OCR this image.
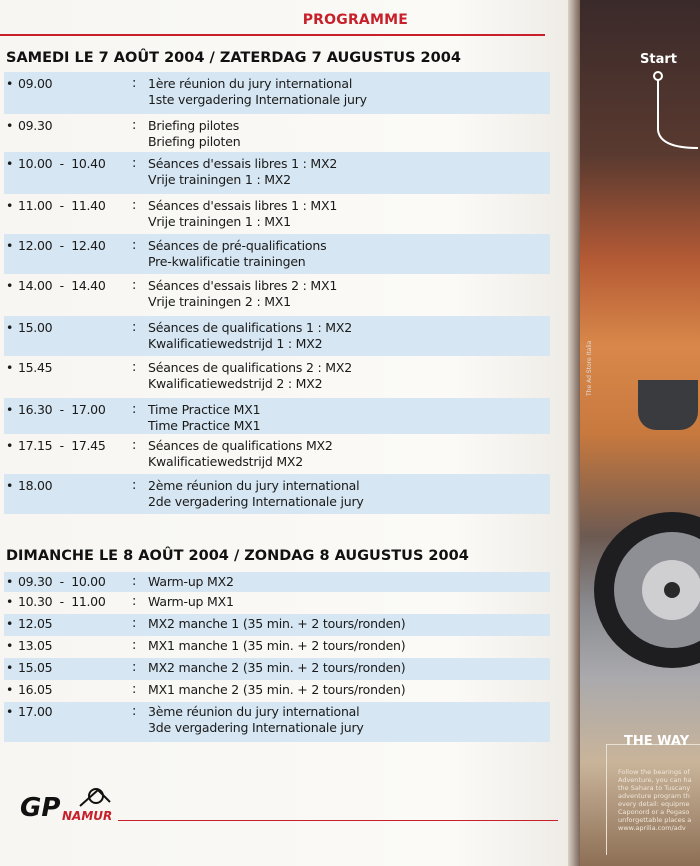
PROGRAMME
SAMEDI LE 7 AOÛT 2004 / ZATERDAG 7 AUGUSTUS 2004
• 09.00	: 1ère réunion du jury international
1ste vergadering Internationale jury
• 09.30	: Briefing pilotes
Briefing piloten
• 10.00  -  10.40	: Séances d'essais libres 1 : MX2
Vrije trainingen 1 : MX2
• 11.00  -  11.40	: Séances d'essais libres 1 : MX1
Vrije trainingen 1 : MX1
• 12.00  -  12.40	: Séances de pré-qualifications
Pre-kwalificatie trainingen
• 14.00  -  14.40	: Séances d'essais libres 2 : MX1
Vrije trainingen 2 : MX1
• 15.00	: Séances de qualifications 1 : MX2
Kwalificatiewedstrijd 1 : MX2
• 15.45	: Séances de qualifications 2 : MX2
Kwalificatiewedstrijd 2 : MX2
• 16.30  -  17.00	: Time Practice MX1
Time Practice MX1
• 17.15  -  17.45	: Séances de qualifications MX2
Kwalificatiewedstrijd MX2
• 18.00	: 2ème réunion du jury international
2de vergadering Internationale jury
DIMANCHE LE 8 AOÛT 2004 / ZONDAG 8 AUGUSTUS 2004
• 09.30  -  10.00	: Warm-up MX2
• 10.30  -  11.00	: Warm-up MX1
• 12.05	: MX2 manche 1 (35 min. + 2 tours/ronden)
• 13.05	: MX1 manche 1 (35 min. + 2 tours/ronden)
• 15.05	: MX2 manche 2 (35 min. + 2 tours/ronden)
• 16.05	: MX1 manche 2 (35 min. + 2 tours/ronden)
• 17.00	: 3ème réunion du jury international
3de vergadering Internationale jury
GP NAMUR
Start
THE WAY
Follow the bearings of Adventure, you can ha the Sahara to Tuscany adventure program th every detail: equipme Caponord or a Pegaso unforgettable places a www.aprilia.com/adv
The Ad Store Italia
